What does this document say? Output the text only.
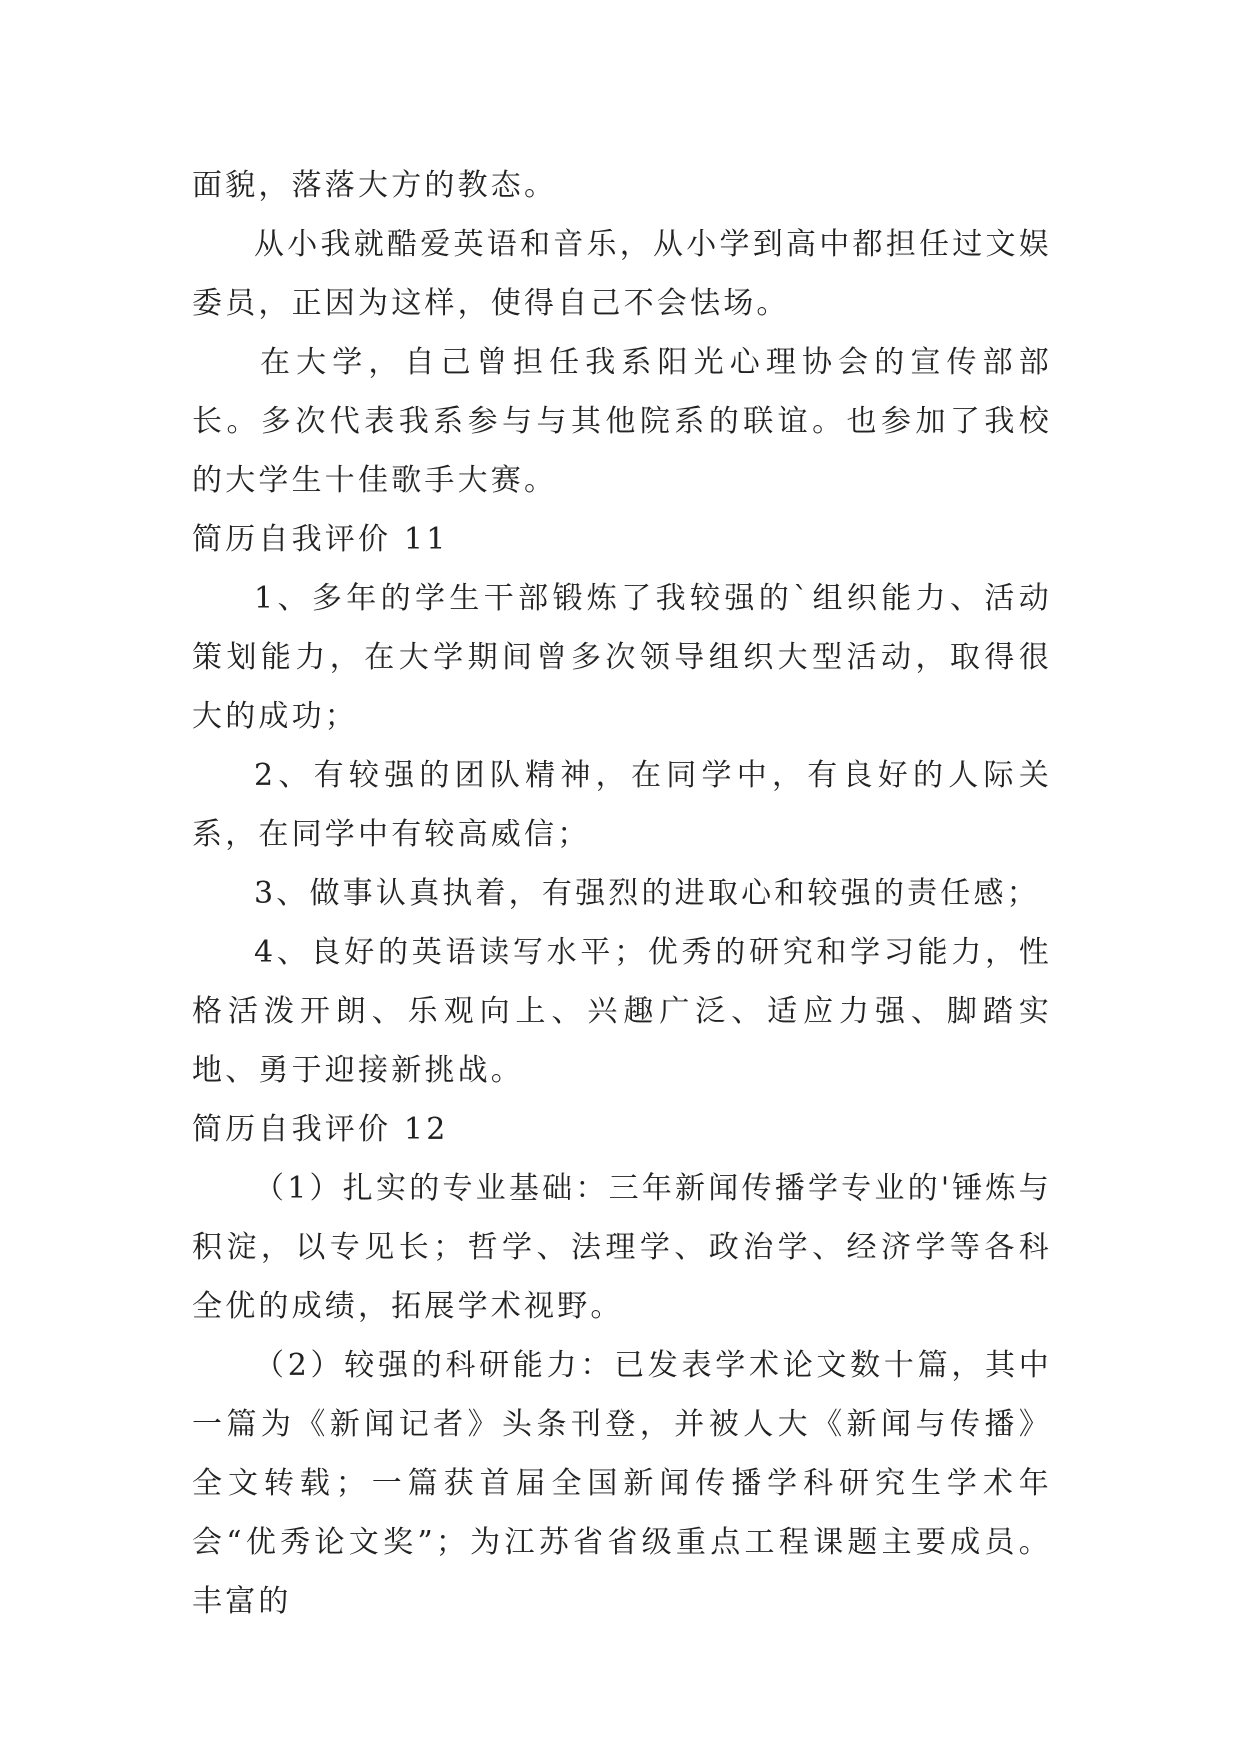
面貌，落落大方的教态。

从小我就酷爱英语和音乐，从小学到高中都担任过文娱委员，正因为这样，使得自己不会怯场。

在大学，自己曾担任我系阳光心理协会的宣传部部长。多次代表我系参与与其他院系的联谊。也参加了我校的大学生十佳歌手大赛。

简历自我评价 11

1、多年的学生干部锻炼了我较强的`组织能力、活动策划能力，在大学期间曾多次领导组织大型活动，取得很大的成功；

2、有较强的团队精神，在同学中，有良好的人际关系，在同学中有较高威信；

3、做事认真执着，有强烈的进取心和较强的责任感；

4、良好的英语读写水平；优秀的研究和学习能力，性格活泼开朗、乐观向上、兴趣广泛、适应力强、脚踏实地、勇于迎接新挑战。

简历自我评价 12

（1）扎实的专业基础：三年新闻传播学专业的'锤炼与积淀，以专见长；哲学、法理学、政治学、经济学等各科全优的成绩，拓展学术视野。

（2）较强的科研能力：已发表学术论文数十篇，其中一篇为《新闻记者》头条刊登，并被人大《新闻与传播》全文转载；一篇获首届全国新闻传播学科研究生学术年会“优秀论文奖”；为江苏省省级重点工程课题主要成员。丰富的
